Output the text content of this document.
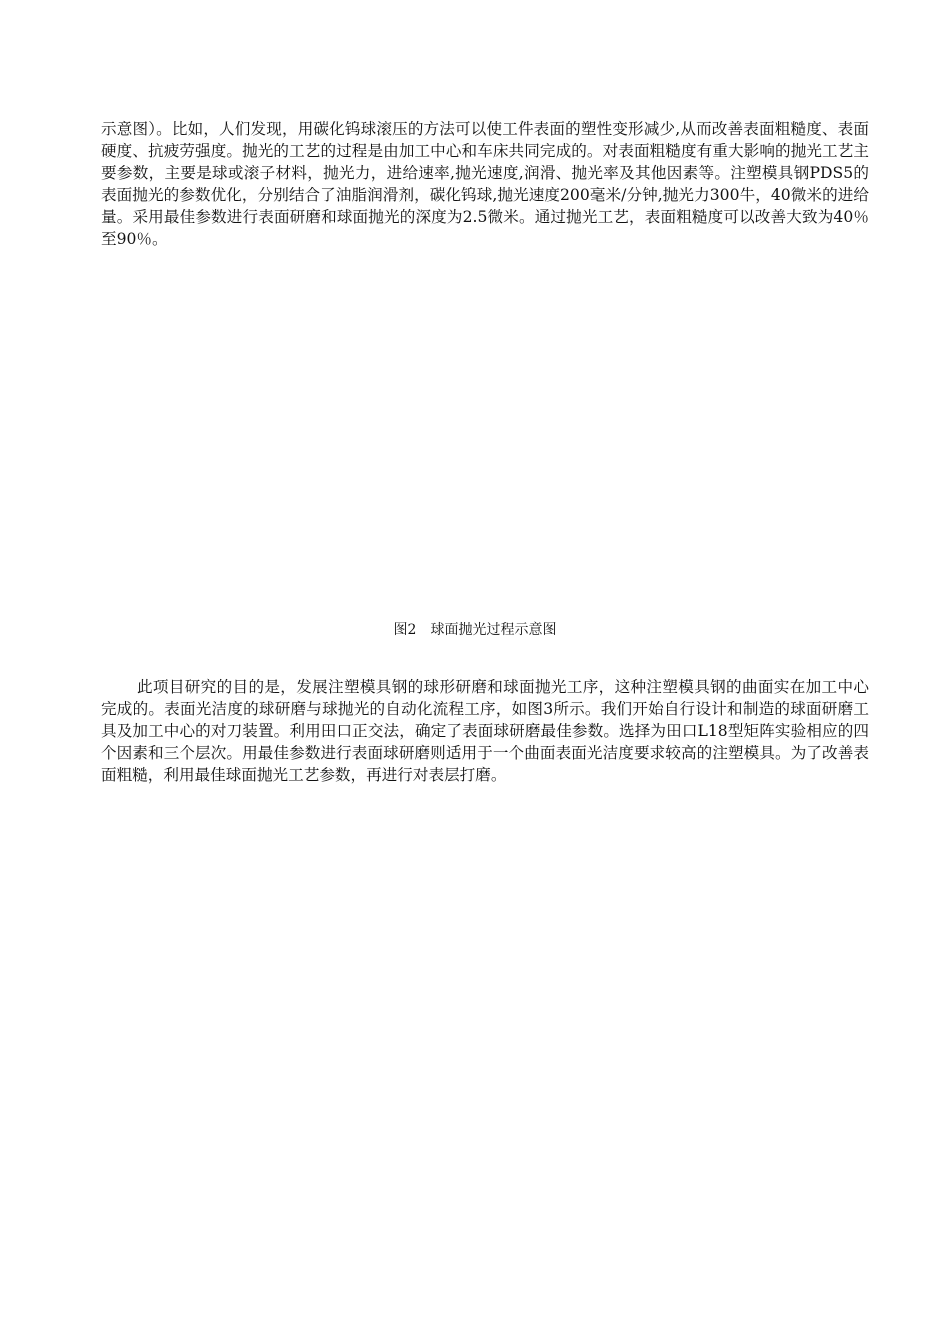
示意图）。比如，人们发现，用碳化钨球滚压的方法可以使工件表面的塑性变形减少,从而改善表面粗糙度、表面硬度、抗疲劳强度。抛光的工艺的过程是由加工中心和车床共同完成的。对表面粗糙度有重大影响的抛光工艺主要参数，主要是球或滚子材料，抛光力，进给速率,抛光速度,润滑、抛光率及其他因素等。注塑模具钢PDS5的表面抛光的参数优化，分别结合了油脂润滑剂，碳化钨球,抛光速度200毫米/分钟,抛光力300牛，40微米的进给量。采用最佳参数进行表面研磨和球面抛光的深度为2.5微米。通过抛光工艺，表面粗糙度可以改善大致为40％至90％。

图2　球面抛光过程示意图

此项目研究的目的是，发展注塑模具钢的球形研磨和球面抛光工序，这种注塑模具钢的曲面实在加工中心完成的。表面光洁度的球研磨与球抛光的自动化流程工序，如图3所示。我们开始自行设计和制造的球面研磨工具及加工中心的对刀装置。利用田口正交法，确定了表面球研磨最佳参数。选择为田口L18型矩阵实验相应的四个因素和三个层次。用最佳参数进行表面球研磨则适用于一个曲面表面光洁度要求较高的注塑模具。为了改善表面粗糙，利用最佳球面抛光工艺参数，再进行对表层打磨。
